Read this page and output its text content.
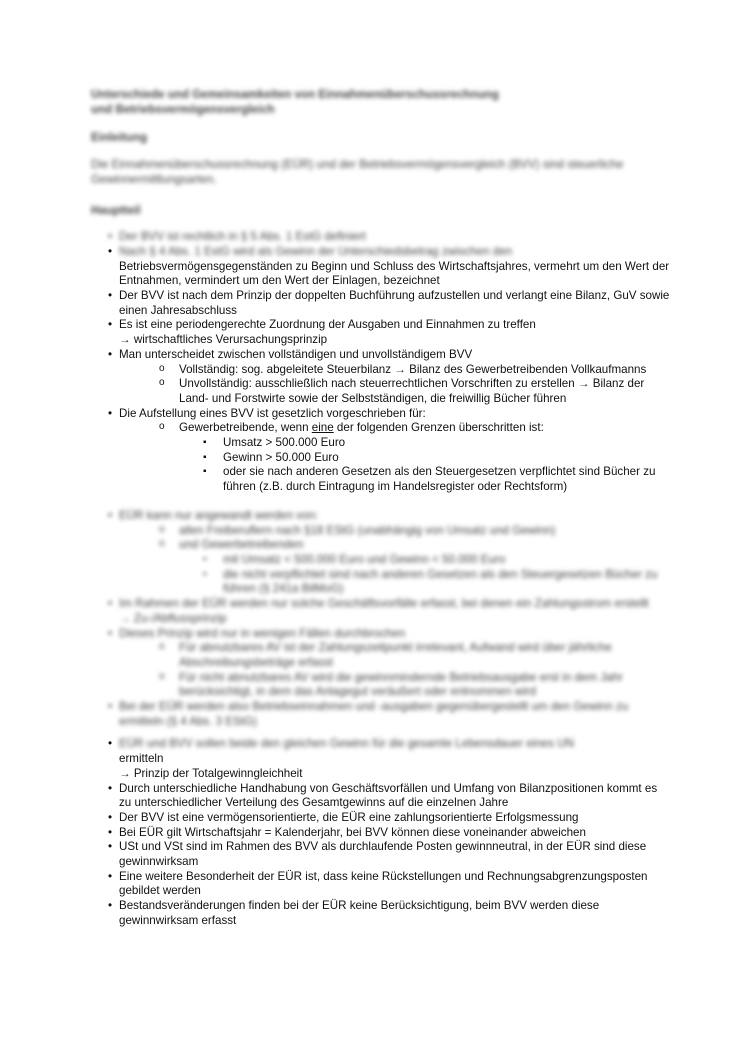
Unterschiede und Gemeinsamkeiten von Einnahmenüberschussrechnung
und Betriebsvermögensvergleich
Einleitung

Die Einnahmenüberschussrechnung (EÜR) und der Betriebsvermögensvergleich (BVV) sind steuerliche Gewinnermittlungsarten.

Hauptteil
• Der BVV ist rechtlich in § 5 Abs. 1 EstG definiert
• Nach § 4 Abs. 1 EstG wird als Gewinn der Unterschiedsbetrag zwischen den
Betriebsvermögensgegenständen zu Beginn und Schluss des Wirtschaftsjahres, vermehrt um den Wert der Entnahmen, vermindert um den Wert der Einlagen, bezeichnet
• Der BVV ist nach dem Prinzip der doppelten Buchführung aufzustellen und verlangt eine Bilanz, GuV sowie einen Jahresabschluss
• Es ist eine periodengerechte Zuordnung der Ausgaben und Einnahmen zu treffen
→ wirtschaftliches Verursachungsprinzip
• Man unterscheidet zwischen vollständigen und unvollständigem BVV
o Vollständig: sog. abgeleitete Steuerbilanz → Bilanz des Gewerbetreibenden Vollkaufmanns
o Unvollständig: ausschließlich nach steuerrechtlichen Vorschriften zu erstellen → Bilanz der Land- und Forstwirte sowie der Selbstständigen, die freiwillig Bücher führen
• Die Aufstellung eines BVV ist gesetzlich vorgeschrieben für:
o Gewerbetreibende, wenn eine der folgenden Grenzen überschritten ist:
▪ Umsatz > 500.000 Euro
▪ Gewinn > 50.000 Euro
▪ oder sie nach anderen Gesetzen als den Steuergesetzen verpflichtet sind Bücher zu führen (z.B. durch Eintragung im Handelsregister oder Rechtsform)
• EÜR kann nur angewandt werden von:
o allen Freiberuflern nach §18 EStG (unabhängig von Umsatz und Gewinn)
o und Gewerbetreibenden
▪ mit Umsatz < 500.000 Euro und Gewinn < 50.000 Euro
▪ die nicht verpflichtet sind nach anderen Gesetzen als den Steuergesetzen Bücher zu führen (§ 241a BilMoG)
• Im Rahmen der EÜR werden nur solche Geschäftsvorfälle erfasst, bei denen ein Zahlungsstrom erstellt
→ Zu-/Abflussprinzip
• Dieses Prinzip wird nur in wenigen Fällen durchbrochen
o Für abnutzbares AV ist der Zahlungszeitpunkt irrelevant, Aufwand wird über jährliche Abschreibungsbeträge erfasst
o Für nicht abnutzbares AV wird die gewinnmindernde Betriebsausgabe erst in dem Jahr berücksichtigt, in dem das Anlagegut veräußert oder entnommen wird
• Bei der EÜR werden also Betriebseinnahmen und -ausgaben gegenübergestellt um den Gewinn zu ermitteln (§ 4 Abs. 3 EStG)
• EÜR und BVV sollen beide den gleichen Gewinn für die gesamte Lebensdauer eines UN
ermitteln
→ Prinzip der Totalgewinngleichheit
• Durch unterschiedliche Handhabung von Geschäftsvorfällen und Umfang von Bilanzpositionen kommt es zu unterschiedlicher Verteilung des Gesamtgewinns auf die einzelnen Jahre
• Der BVV ist eine vermögensorientierte, die EÜR eine zahlungsorientierte Erfolgsmessung
• Bei EÜR gilt Wirtschaftsjahr = Kalenderjahr, bei BVV können diese voneinander abweichen
• USt und VSt sind im Rahmen des BVV als durchlaufende Posten gewinnneutral, in der EÜR sind diese gewinnwirksam
• Eine weitere Besonderheit der EÜR ist, dass keine Rückstellungen und Rechnungsabgrenzungsposten gebildet werden
• Bestandsveränderungen finden bei der EÜR keine Berücksichtigung, beim BVV werden diese gewinnwirksam erfasst
